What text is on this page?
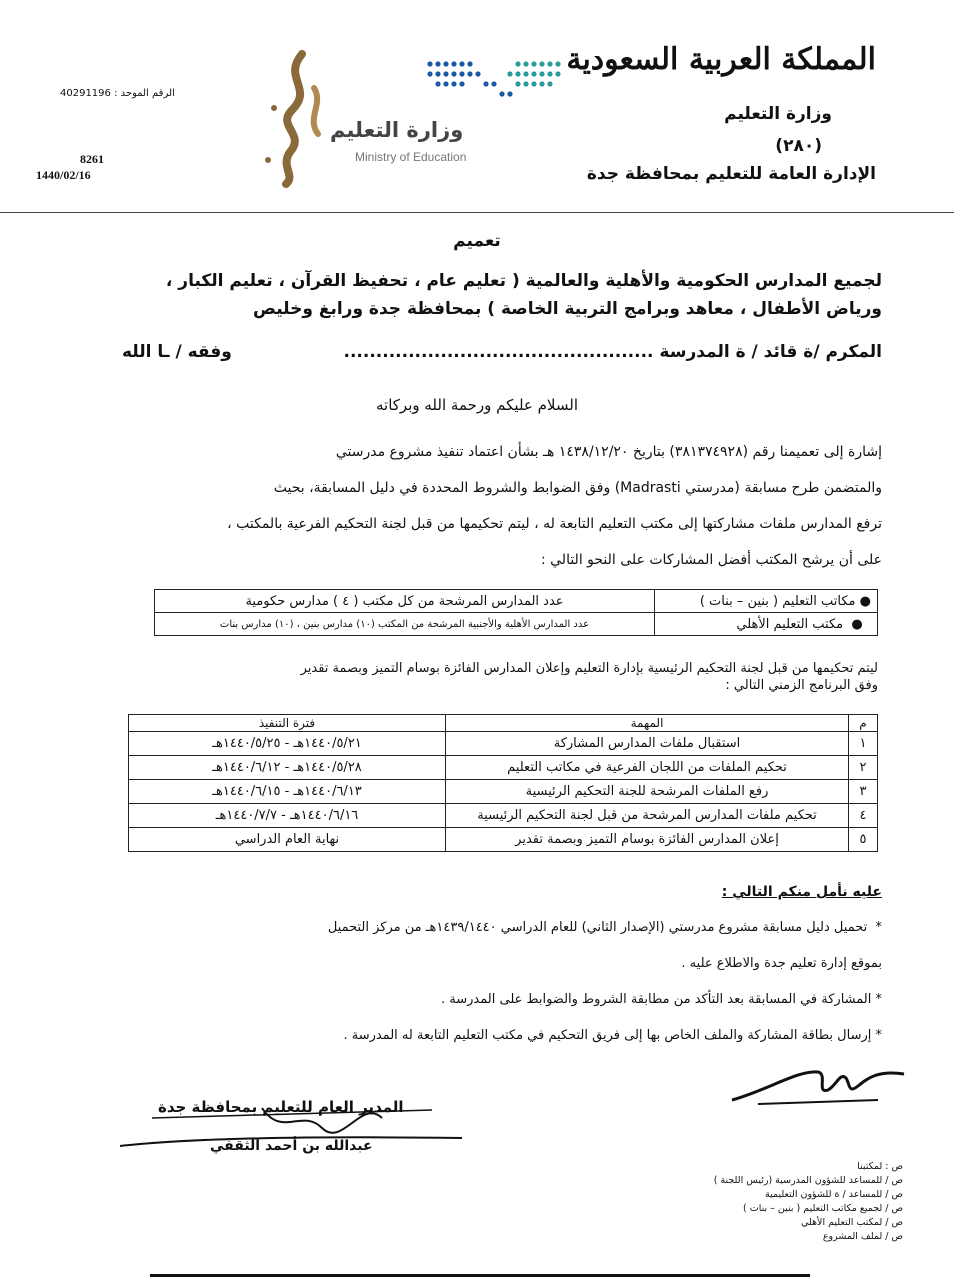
المملكة العربية السعودية
وزارة التعليم
(٢٨٠)
الإدارة العامة للتعليم بمحافظة جدة
وزارة التعليم
Ministry of Education
الرقم الموحد : 40291196
8261
1440/02/16
تعميم
لجميع المدارس الحكومية والأهلية والعالمية ( تعليم عام ، تحفيظ القرآن ، تعليم الكبار ، ورياض الأطفال ، معاهد وبرامج التربية الخاصة ) بمحافظة جدة ورابغ وخليص
المكرم /ة قائد / ة المدرسة ................................................
وفقه / ـا الله
السلام عليكم ورحمة الله وبركاته

إشارة إلى تعميمنا رقم (٣٨١٣٧٤٩٢٨) بتاريخ ١٤٣٨/١٢/٢٠ هـ بشأن اعتماد تنفيذ مشروع مدرستي

والمتضمن طرح مسابقة (مدرستي Madrasti) وفق الضوابط والشروط المحددة في دليل المسابقة، بحيث

ترفع المدارس ملفات مشاركتها إلى مكتب التعليم التابعة له ، ليتم تحكيمها من قبل لجنة التحكيم الفرعية بالمكتب ،

على أن يرشح المكتب أفضل المشاركات على النحو التالي :

● مكاتب التعليم ( بنين – بنات )	عدد المدارس المرشحة من كل مكتب ( ٤ ) مدارس حكومية
●  مكتب التعليم الأهلي	عدد المدارس الأهلية والأجنبية المرشحة من المكتب (١٠) مدارس بنين ، (١٠) مدارس بنات
ليتم تحكيمها من قبل لجنة التحكيم الرئيسية بإدارة التعليم وإعلان المدارس الفائزة بوسام التميز وبصمة تقدير
وفق البرنامج الزمني التالي :
م	المهمة	فترة التنفيذ
١	استقبال ملفات المدارس المشاركة	١٤٤٠/٥/٢١هـ - ١٤٤٠/٥/٢٥هـ
٢	تحكيم الملفات من اللجان الفرعية في مكاتب التعليم	١٤٤٠/٥/٢٨هـ - ١٤٤٠/٦/١٢هـ
٣	رفع الملفات المرشحة للجنة التحكيم الرئيسية	١٤٤٠/٦/١٣هـ - ١٤٤٠/٦/١٥هـ
٤	تحكيم ملفات المدارس المرشحة من قبل لجنة التحكيم الرئيسية	١٤٤٠/٦/١٦هـ - ١٤٤٠/٧/٧هـ
٥	إعلان المدارس الفائزة بوسام التميز وبصمة تقدير	نهاية العام الدراسي
عليه نأمل منكم التالي :
*  تحميل دليل مسابقة مشروع مدرستي (الإصدار الثاني) للعام الدراسي ١٤٣٩/١٤٤٠هـ من مركز التحميل
بموقع إدارة تعليم جدة والاطلاع عليه .
* المشاركة في المسابقة بعد التأكد من مطابقة الشروط والضوابط على المدرسة .
* إرسال بطاقة المشاركة والملف الخاص بها إلى فريق التحكيم في مكتب التعليم التابعة له المدرسة .
المدير العام للتعليم بمحافظة جدة
عبدالله بن أحمد الثقفي
ص : لمكتبنا
ص / للمساعد للشؤون المدرسية (رئيس اللجنة )
ص / للمساعد / ة للشؤون التعليمية
ص / لجميع مكاتب التعليم ( بنين – بنات )
ص / لمكتب التعليم الأهلي
ص / لملف المشروع
